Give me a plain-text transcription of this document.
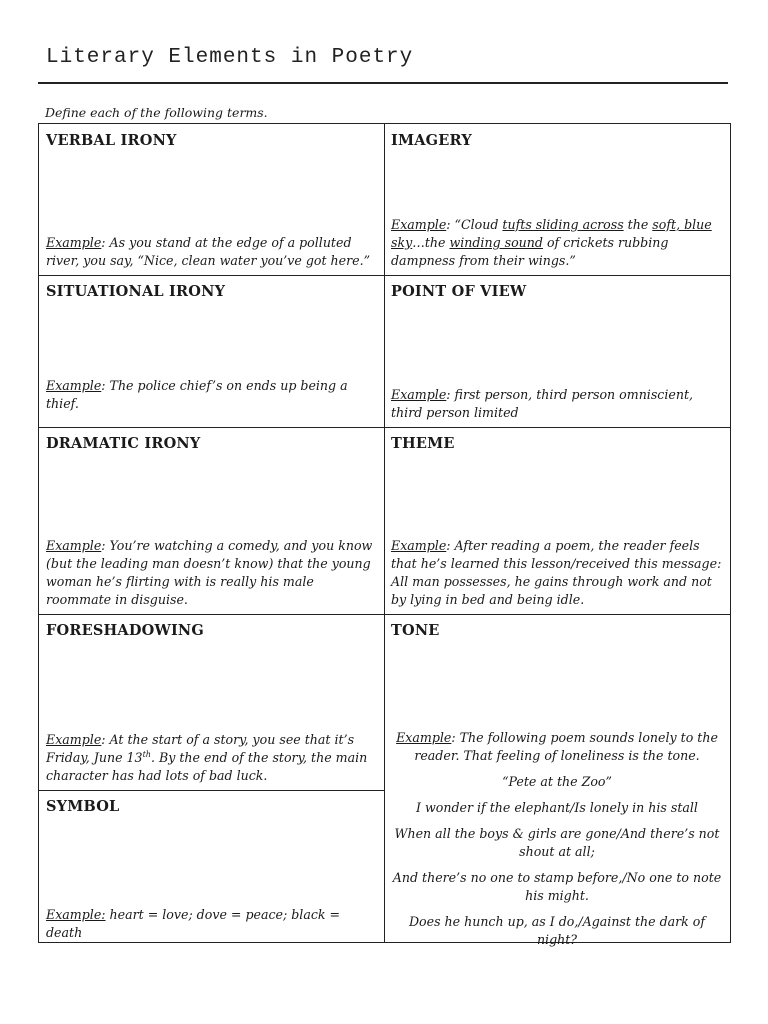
Literary Elements in Poetry
Define each of the following terms.
VERBAL IRONY
Example: As you stand at the edge of a polluted river, you say, “Nice, clean water you’ve got here.”
IMAGERY
Example: “Cloud tufts sliding across the soft, blue sky…the winding sound of crickets rubbing dampness from their wings.”
SITUATIONAL IRONY
Example: The police chief’s on ends up being a thief.
POINT OF VIEW
Example: first person, third person omniscient, third person limited
DRAMATIC IRONY
Example: You’re watching a comedy, and you know (but the leading man doesn’t know) that the young woman he’s flirting with is really his male roommate in disguise.
THEME
Example: After reading a poem, the reader feels that he’s learned this lesson/received this message: All man possesses, he gains through work and not by lying in bed and being idle.
FORESHADOWING
Example: At the start of a story, you see that it’s Friday, June 13th. By the end of the story, the main character has had lots of bad luck.
SYMBOL
Example: heart = love; dove = peace; black = death
TONE

Example: The following poem sounds lonely to the reader. That feeling of loneliness is the tone.

“Pete at the Zoo”

I wonder if the elephant/Is lonely in his stall

When all the boys & girls are gone/And there’s not shout at all;

And there’s no one to stamp before,/No one to note his might.

Does he hunch up, as I do,/Against the dark of night?
